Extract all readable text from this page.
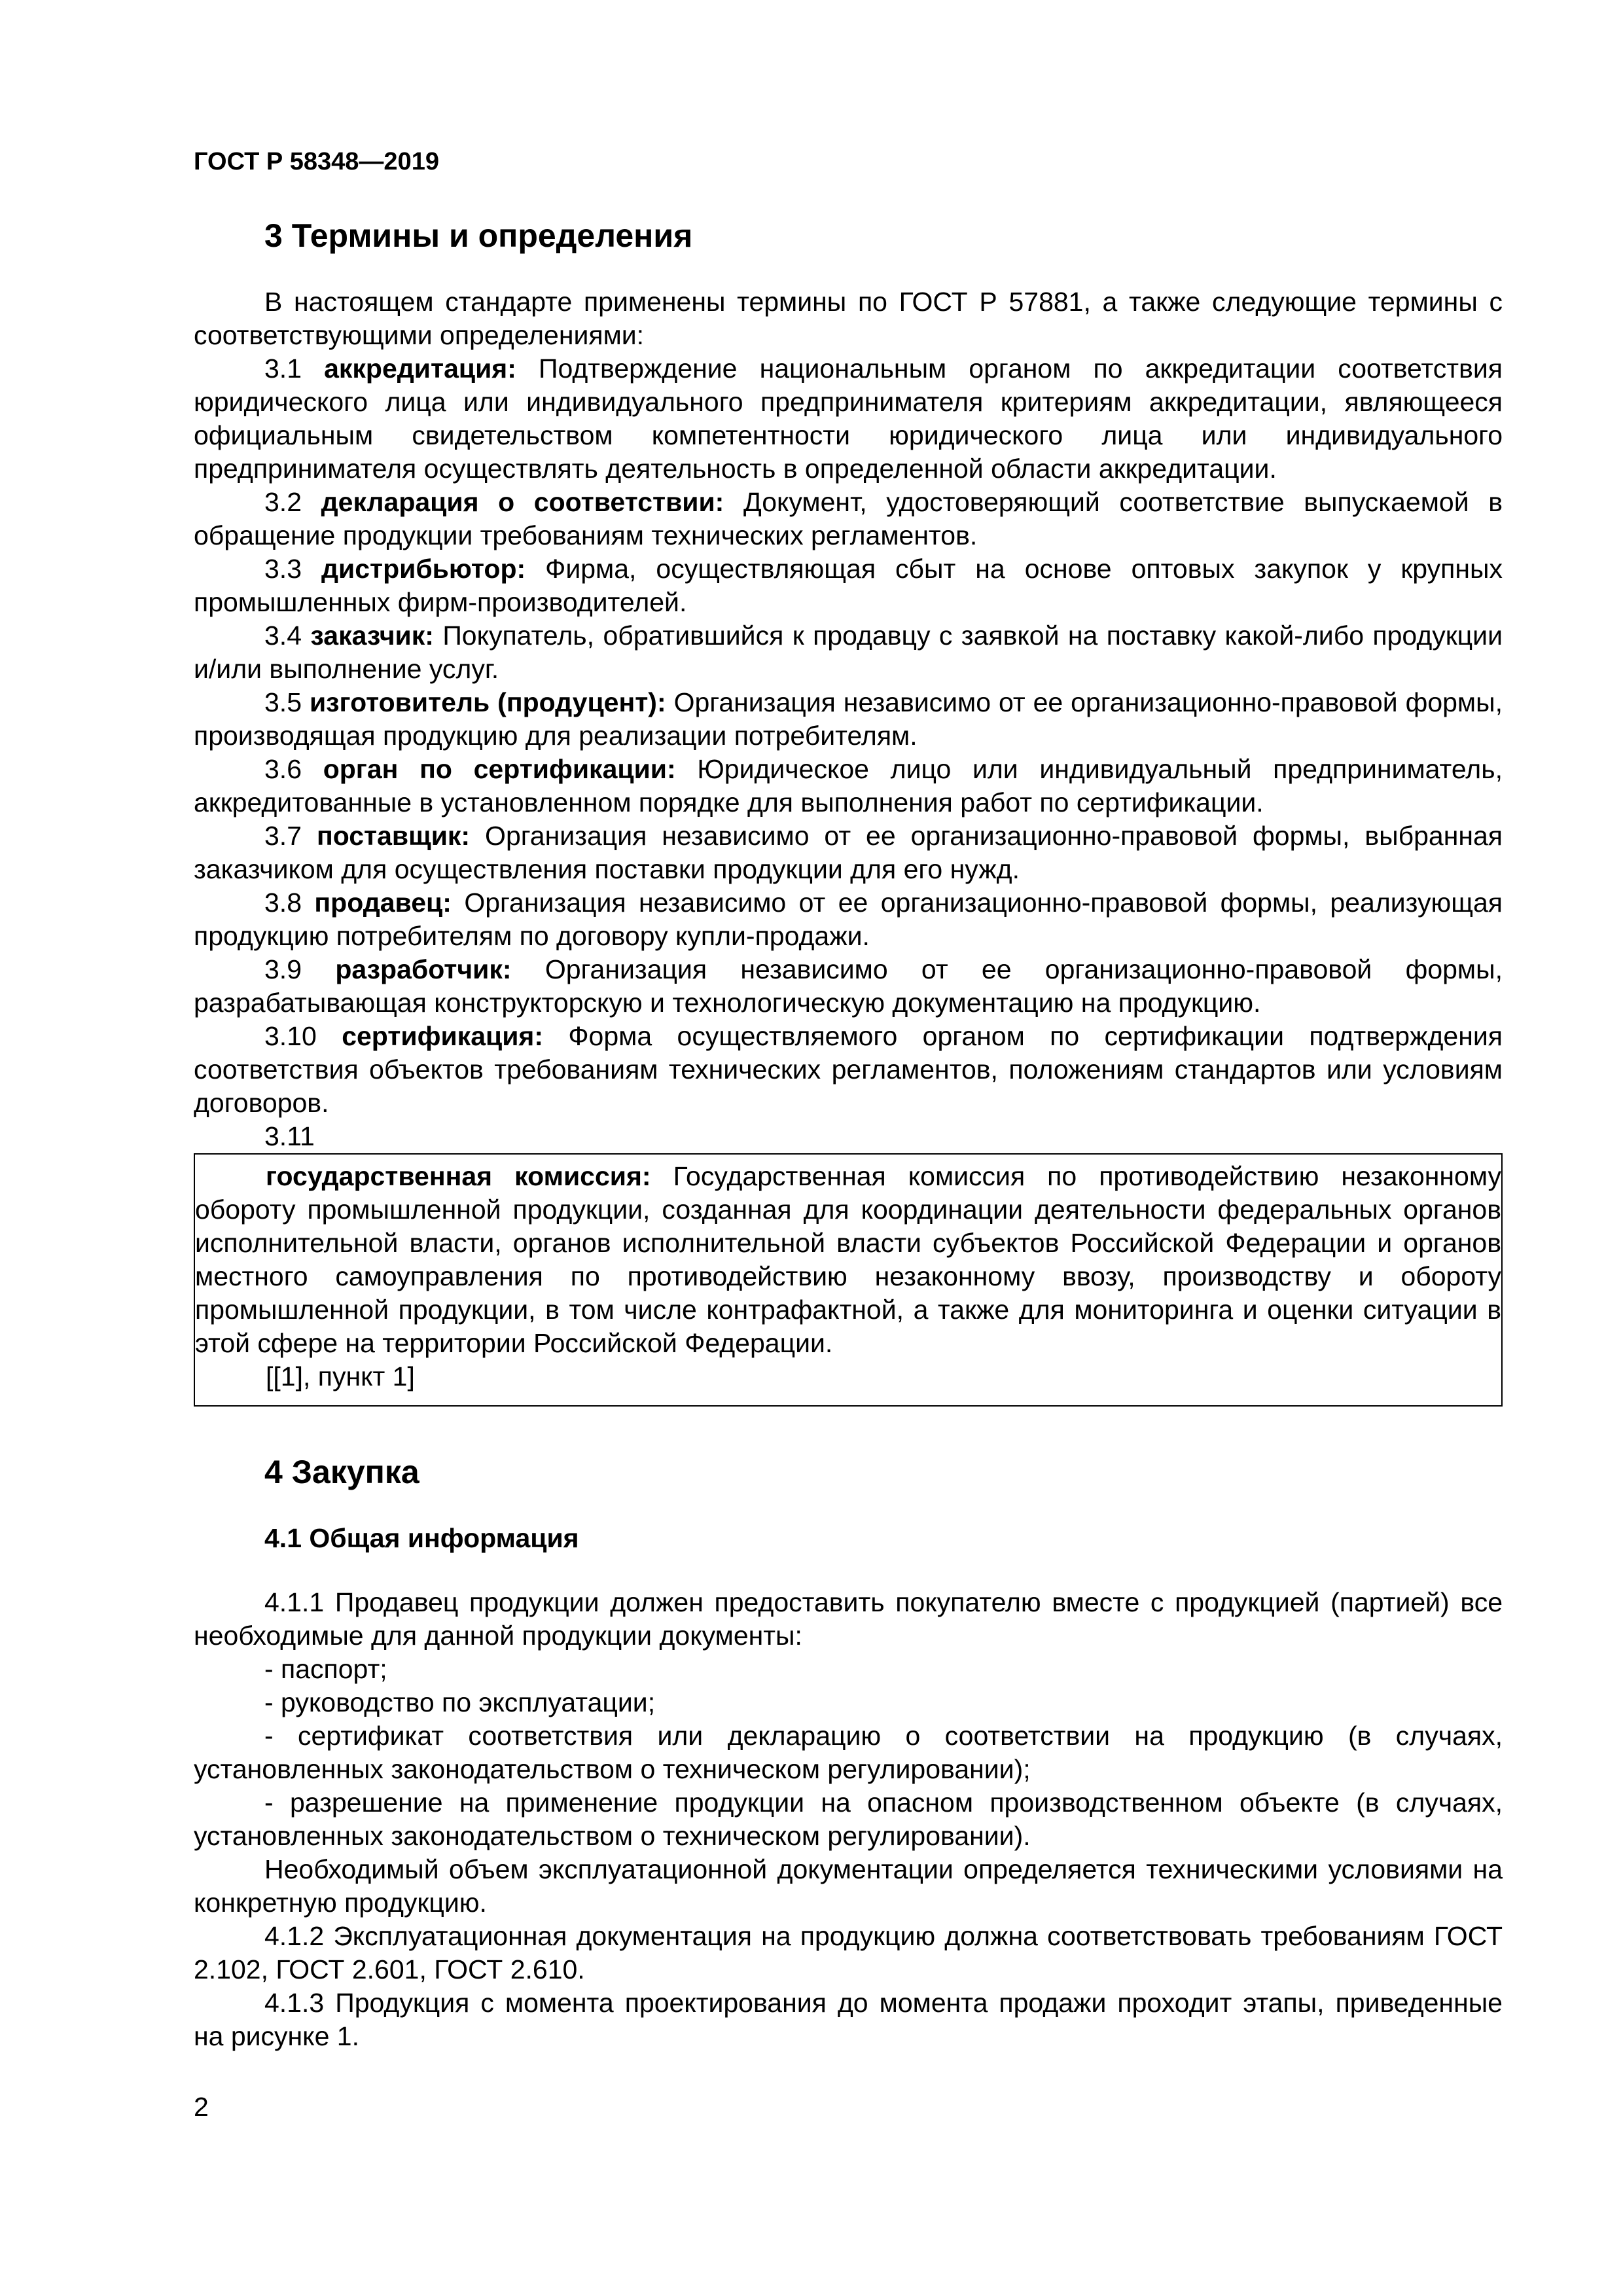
ГОСТ Р 58348—2019

3 Термины и определения

В настоящем стандарте применены термины по ГОСТ Р 57881, а также следующие термины с соответствующими определениями:

3.1 аккредитация: Подтверждение национальным органом по аккредитации соответствия юридического лица или индивидуального предпринимателя критериям аккредитации, являющееся официальным свидетельством компетентности юридического лица или индивидуального предпринимателя осуществлять деятельность в определенной области аккредитации.

3.2 декларация о соответствии: Документ, удостоверяющий соответствие выпускаемой в обращение продукции требованиям технических регламентов.

3.3 дистрибьютор: Фирма, осуществляющая сбыт на основе оптовых закупок у крупных промышленных фирм-производителей.

3.4 заказчик: Покупатель, обратившийся к продавцу с заявкой на поставку какой-либо продукции и/или выполнение услуг.

3.5 изготовитель (продуцент): Организация независимо от ее организационно-правовой формы, производящая продукцию для реализации потребителям.

3.6 орган по сертификации: Юридическое лицо или индивидуальный предприниматель, аккредитованные в установленном порядке для выполнения работ по сертификации.

3.7 поставщик: Организация независимо от ее организационно-правовой формы, выбранная заказчиком для осуществления поставки продукции для его нужд.

3.8 продавец: Организация независимо от ее организационно-правовой формы, реализующая продукцию потребителям по договору купли-продажи.

3.9 разработчик: Организация независимо от ее организационно-правовой формы, разрабатывающая конструкторскую и технологическую документацию на продукцию.

3.10 сертификация: Форма осуществляемого органом по сертификации подтверждения соответствия объектов требованиям технических регламентов, положениям стандартов или условиям договоров.

3.11

государственная комиссия: Государственная комиссия по противодействию незаконному обороту промышленной продукции, созданная для координации деятельности федеральных органов исполнительной власти, органов исполнительной власти субъектов Российской Федерации и органов местного самоуправления по противодействию незаконному ввозу, производству и обороту промышленной продукции, в том числе контрафактной, а также для мониторинга и оценки ситуации в этой сфере на территории Российской Федерации.

[[1], пункт 1]

4 Закупка
4.1 Общая информация

4.1.1 Продавец продукции должен предоставить покупателю вместе с продукцией (партией) все необходимые для данной продукции документы:

- паспорт;

- руководство по эксплуатации;

- сертификат соответствия или декларацию о соответствии на продукцию (в случаях, установленных законодательством о техническом регулировании);

- разрешение на применение продукции на опасном производственном объекте (в случаях, установленных законодательством о техническом регулировании).

Необходимый объем эксплуатационной документации определяется техническими условиями на конкретную продукцию.

4.1.2 Эксплуатационная документация на продукцию должна соответствовать требованиям ГОСТ 2.102, ГОСТ 2.601, ГОСТ 2.610.

4.1.3 Продукция с момента проектирования до момента продажи проходит этапы, приведенные на рисунке 1.

2
